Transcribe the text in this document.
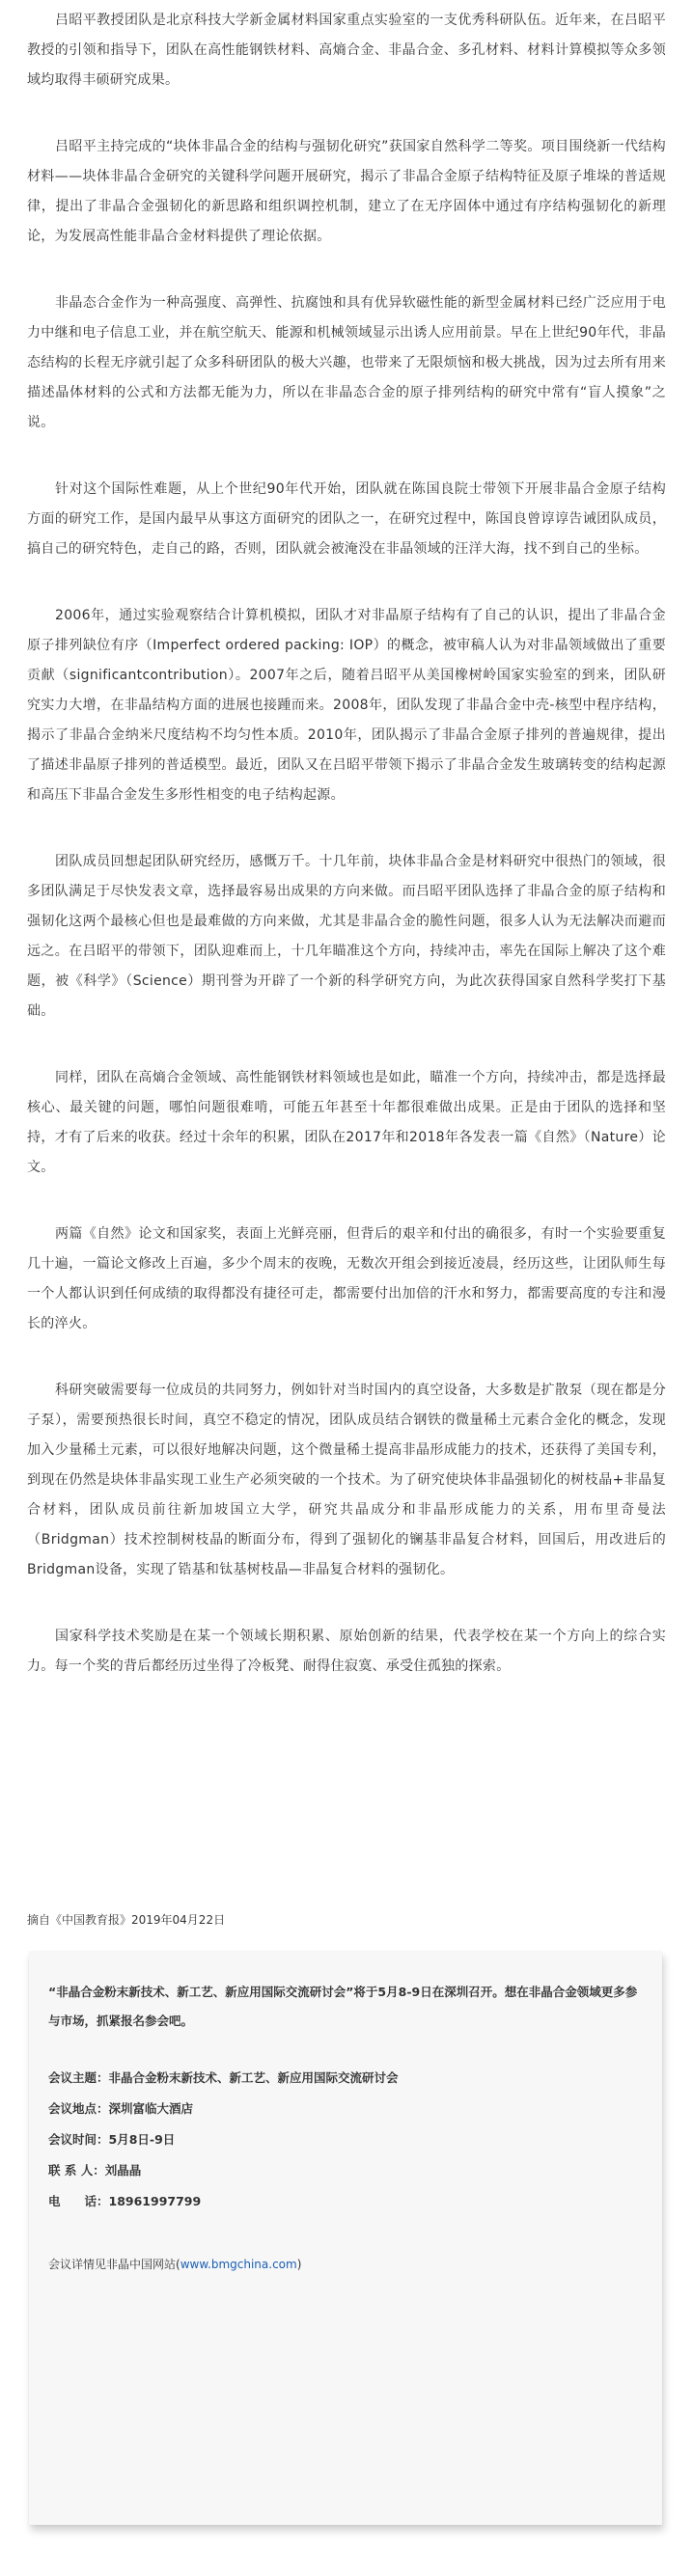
吕昭平教授团队是北京科技大学新金属材料国家重点实验室的一支优秀科研队伍。近年来，在吕昭平教授的引领和指导下，团队在高性能钢铁材料、高熵合金、非晶合金、多孔材料、材料计算模拟等众多领域均取得丰硕研究成果。

吕昭平主持完成的“块体非晶合金的结构与强韧化研究”获国家自然科学二等奖。项目围绕新一代结构材料——块体非晶合金研究的关键科学问题开展研究，揭示了非晶合金原子结构特征及原子堆垛的普适规律，提出了非晶合金强韧化的新思路和组织调控机制，建立了在无序固体中通过有序结构强韧化的新理论，为发展高性能非晶合金材料提供了理论依据。

非晶态合金作为一种高强度、高弹性、抗腐蚀和具有优异软磁性能的新型金属材料已经广泛应用于电力中继和电子信息工业，并在航空航天、能源和机械领域显示出诱人应用前景。早在上世纪90年代，非晶态结构的长程无序就引起了众多科研团队的极大兴趣，也带来了无限烦恼和极大挑战，因为过去所有用来描述晶体材料的公式和方法都无能为力，所以在非晶态合金的原子排列结构的研究中常有“盲人摸象”之说。

针对这个国际性难题，从上个世纪90年代开始，团队就在陈国良院士带领下开展非晶合金原子结构方面的研究工作，是国内最早从事这方面研究的团队之一，在研究过程中，陈国良曾谆谆告诫团队成员，搞自己的研究特色，走自己的路，否则，团队就会被淹没在非晶领域的汪洋大海，找不到自己的坐标。

2006年，通过实验观察结合计算机模拟，团队才对非晶原子结构有了自己的认识，提出了非晶合金原子排列缺位有序（Imperfect ordered packing: IOP）的概念，被审稿人认为对非晶领域做出了重要贡献（significantcontribution）。2007年之后，随着吕昭平从美国橡树岭国家实验室的到来，团队研究实力大增，在非晶结构方面的进展也接踵而来。2008年，团队发现了非晶合金中壳-核型中程序结构，揭示了非晶合金纳米尺度结构不均匀性本质。2010年，团队揭示了非晶合金原子排列的普遍规律，提出了描述非晶原子排列的普适模型。最近，团队又在吕昭平带领下揭示了非晶合金发生玻璃转变的结构起源和高压下非晶合金发生多形性相变的电子结构起源。

团队成员回想起团队研究经历，感慨万千。十几年前，块体非晶合金是材料研究中很热门的领域，很多团队满足于尽快发表文章，选择最容易出成果的方向来做。而吕昭平团队选择了非晶合金的原子结构和强韧化这两个最核心但也是最难做的方向来做，尤其是非晶合金的脆性问题，很多人认为无法解决而避而远之。在吕昭平的带领下，团队迎难而上，十几年瞄准这个方向，持续冲击，率先在国际上解决了这个难题，被《科学》（Science）期刊誉为开辟了一个新的科学研究方向，为此次获得国家自然科学奖打下基础。

同样，团队在高熵合金领域、高性能钢铁材料领域也是如此，瞄准一个方向，持续冲击，都是选择最核心、最关键的问题，哪怕问题很难啃，可能五年甚至十年都很难做出成果。正是由于团队的选择和坚持，才有了后来的收获。经过十余年的积累，团队在2017年和2018年各发表一篇《自然》（Nature）论文。

两篇《自然》论文和国家奖，表面上光鲜亮丽，但背后的艰辛和付出的确很多，有时一个实验要重复几十遍，一篇论文修改上百遍，多少个周末的夜晚，无数次开组会到接近凌晨，经历这些，让团队师生每一个人都认识到任何成绩的取得都没有捷径可走，都需要付出加倍的汗水和努力，都需要高度的专注和漫长的淬火。

科研突破需要每一位成员的共同努力，例如针对当时国内的真空设备，大多数是扩散泵（现在都是分子泵），需要预热很长时间，真空不稳定的情况，团队成员结合钢铁的微量稀土元素合金化的概念，发现加入少量稀土元素，可以很好地解决问题，这个微量稀土提高非晶形成能力的技术，还获得了美国专利，到现在仍然是块体非晶实现工业生产必须突破的一个技术。为了研究使块体非晶强韧化的树枝晶+非晶复合材料，团队成员前往新加坡国立大学，研究共晶成分和非晶形成能力的关系，用布里奇曼法（Bridgman）技术控制树枝晶的断面分布，得到了强韧化的镧基非晶复合材料，回国后，用改进后的Bridgman设备，实现了锆基和钛基树枝晶—非晶复合材料的强韧化。

国家科学技术奖励是在某一个领域长期积累、原始创新的结果，代表学校在某一个方向上的综合实力。每一个奖的背后都经历过坐得了冷板凳、耐得住寂寞、承受住孤独的探索。

摘自《中国教育报》2019年04月22日

“非晶合金粉末新技术、新工艺、新应用国际交流研讨会”将于5月8-9日在深圳召开。想在非晶合金领域更多参与市场，抓紧报名参会吧。

会议主题：非晶合金粉末新技术、新工艺、新应用国际交流研讨会
会议地点：深圳富临大酒店
会议时间：5月8日-9日
联 系 人：刘晶晶
电　　话：18961997799
会议详情见非晶中国网站(www.bmgchina.com)
